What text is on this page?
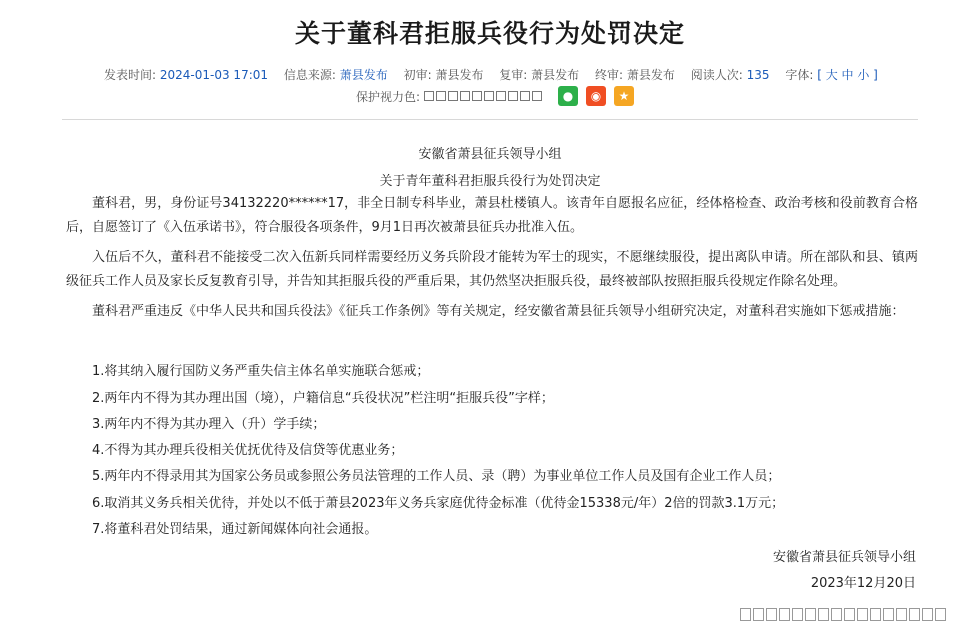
关于董科君拒服兵役行为处罚决定
发表时间: 2024-01-03 17:01 信息来源: 萧县发布 初审: 萧县发布 复审: 萧县发布 终审: 萧县发布 阅读人次: 135 字体: [ 大 中 小 ]
保护视力色:	●	◉	★
安徽省萧县征兵领导小组
关于青年董科君拒服兵役行为处罚决定
董科君，男，身份证号34132220******17，非全日制专科毕业，萧县杜楼镇人。该青年自愿报名应征，经体格检查、政治考核和役前教育合格后，自愿签订了《入伍承诺书》，符合服役各项条件，9月1日再次被萧县征兵办批准入伍。
入伍后不久，董科君不能接受二次入伍新兵同样需要经历义务兵阶段才能转为军士的现实，不愿继续服役，提出离队申请。所在部队和县、镇两级征兵工作人员及家长反复教育引导，并告知其拒服兵役的严重后果，其仍然坚决拒服兵役，最终被部队按照拒服兵役规定作除名处理。
董科君严重违反《中华人民共和国兵役法》《征兵工作条例》等有关规定，经安徽省萧县征兵领导小组研究决定，对董科君实施如下惩戒措施：
1.将其纳入履行国防义务严重失信主体名单实施联合惩戒；
2.两年内不得为其办理出国（境），户籍信息“兵役状况”栏注明“拒服兵役”字样；
3.两年内不得为其办理入（升）学手续；
4.不得为其办理兵役相关优抚优待及信贷等优惠业务；
5.两年内不得录用其为国家公务员或参照公务员法管理的工作人员、录（聘）为事业单位工作人员及国有企业工作人员；
6.取消其义务兵相关优待，并处以不低于萧县2023年义务兵家庭优待金标准（优待金15338元/年）2倍的罚款3.1万元；
7.将董科君处罚结果，通过新闻媒体向社会通报。
安徽省萧县征兵领导小组
2023年12月20日
